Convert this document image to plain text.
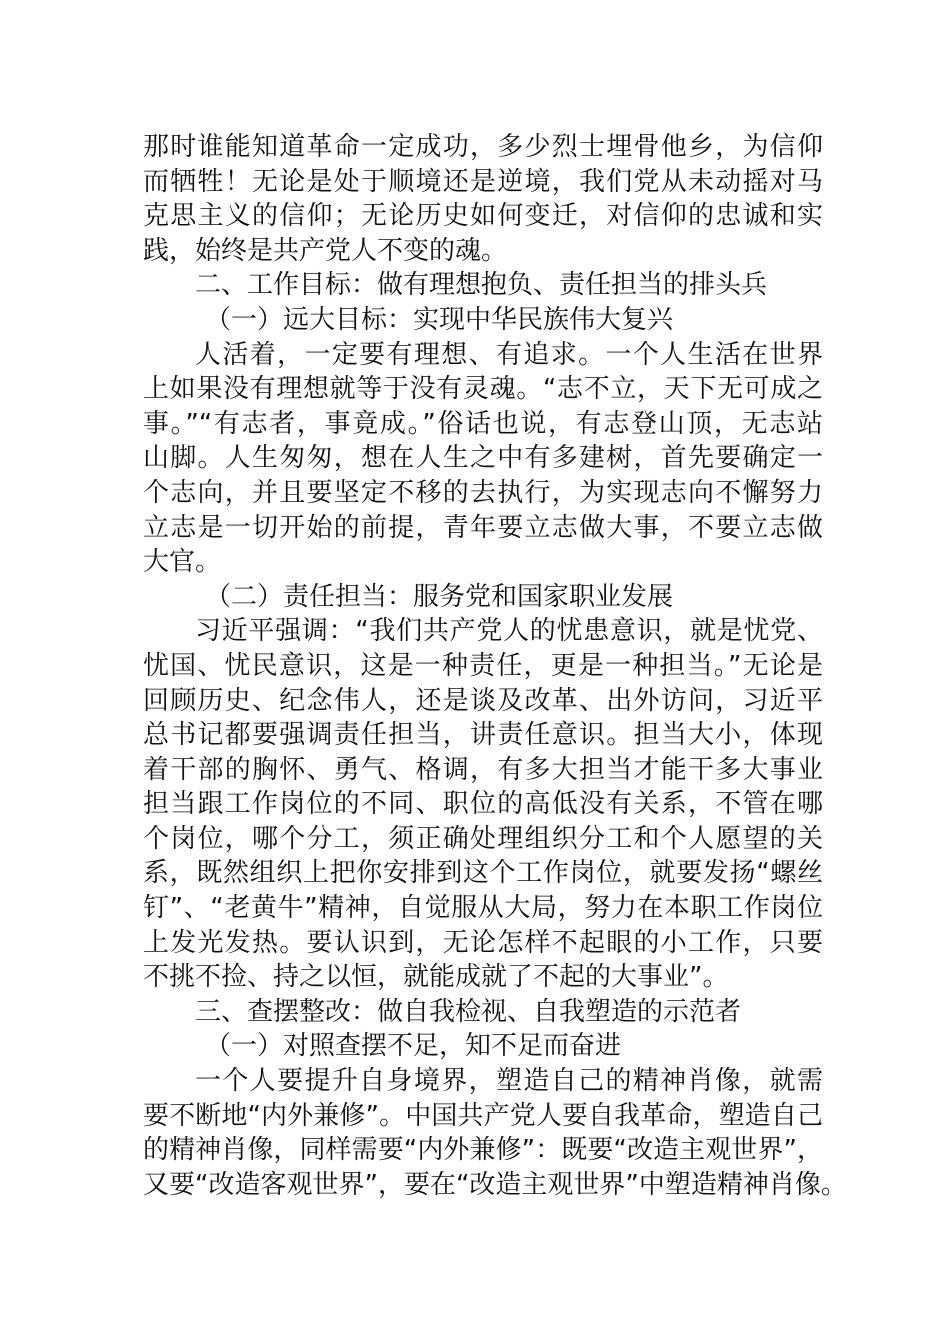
那时谁能知道革命一定成功，多少烈士埋骨他乡，为信仰
而牺牲！无论是处于顺境还是逆境，我们党从未动摇对马
克思主义的信仰；无论历史如何变迁，对信仰的忠诚和实
践，始终是共产党人不变的魂。
二、工作目标：做有理想抱负、责任担当的排头兵
（一）远大目标：实现中华民族伟大复兴
人活着，一定要有理想、有追求。一个人生活在世界
上如果没有理想就等于没有灵魂。“志不立，天下无可成之
事。”“有志者，事竟成。”俗话也说，有志登山顶，无志站
山脚。人生匆匆，想在人生之中有多建树，首先要确定一
个志向，并且要坚定不移的去执行，为实现志向不懈努力
立志是一切开始的前提，青年要立志做大事，不要立志做
大官。
（二）责任担当：服务党和国家职业发展
习近平强调：“我们共产党人的忧患意识，就是忧党、
忧国、忧民意识，这是一种责任，更是一种担当。”无论是
回顾历史、纪念伟人，还是谈及改革、出外访问，习近平
总书记都要强调责任担当，讲责任意识。担当大小，体现
着干部的胸怀、勇气、格调，有多大担当才能干多大事业
担当跟工作岗位的不同、职位的高低没有关系，不管在哪
个岗位，哪个分工，须正确处理组织分工和个人愿望的关
系，既然组织上把你安排到这个工作岗位，就要发扬“螺丝
钉”、“老黄牛”精神，自觉服从大局，努力在本职工作岗位
上发光发热。要认识到，无论怎样不起眼的小工作，只要
不挑不捡、持之以恒，就能成就了不起的大事业”。
三、查摆整改：做自我检视、自我塑造的示范者
（一）对照查摆不足，知不足而奋进
一个人要提升自身境界，塑造自己的精神肖像，就需
要不断地“内外兼修”。中国共产党人要自我革命，塑造自己
的精神肖像，同样需要“内外兼修”：既要“改造主观世界”，
又要“改造客观世界”，要在“改造主观世界”中塑造精神肖像。
